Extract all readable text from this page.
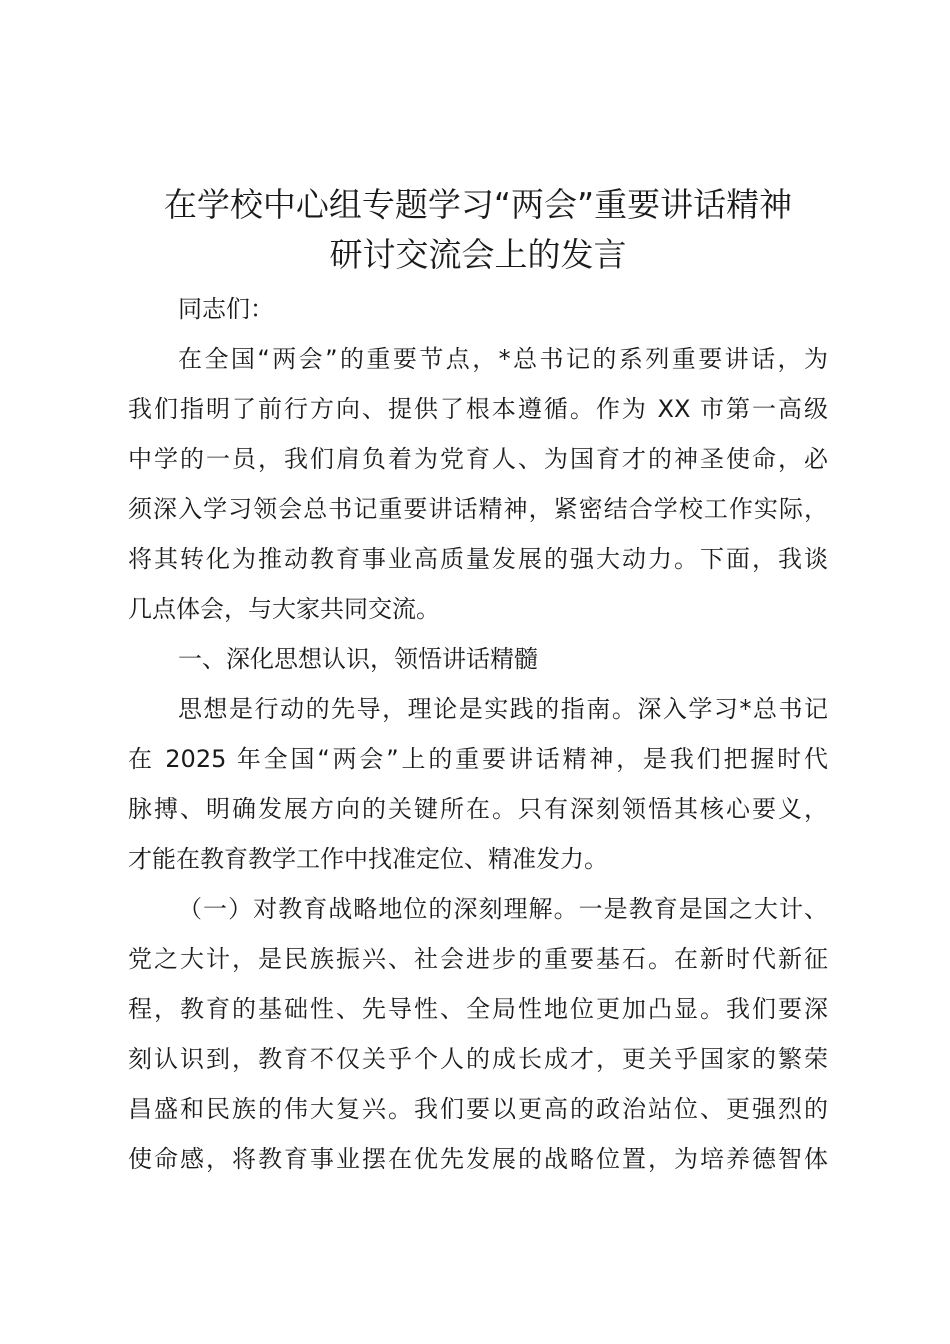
在学校中心组专题学习“两会”重要讲话精神
研讨交流会上的发言
同志们：
在全国“两会”的重要节点，*总书记的系列重要讲话，为
我们指明了前行方向、提供了根本遵循。作为 XX 市第一高级
中学的一员，我们肩负着为党育人、为国育才的神圣使命，必
须深入学习领会总书记重要讲话精神，紧密结合学校工作实际，
将其转化为推动教育事业高质量发展的强大动力。下面，我谈
几点体会，与大家共同交流。
一、深化思想认识，领悟讲话精髓
思想是行动的先导，理论是实践的指南。深入学习*总书记
在 2025 年全国“两会”上的重要讲话精神，是我们把握时代
脉搏、明确发展方向的关键所在。只有深刻领悟其核心要义，
才能在教育教学工作中找准定位、精准发力。
（一）对教育战略地位的深刻理解。一是教育是国之大计、
党之大计，是民族振兴、社会进步的重要基石。在新时代新征
程，教育的基础性、先导性、全局性地位更加凸显。我们要深
刻认识到，教育不仅关乎个人的成长成才，更关乎国家的繁荣
昌盛和民族的伟大复兴。我们要以更高的政治站位、更强烈的
使命感，将教育事业摆在优先发展的战略位置，为培养德智体
